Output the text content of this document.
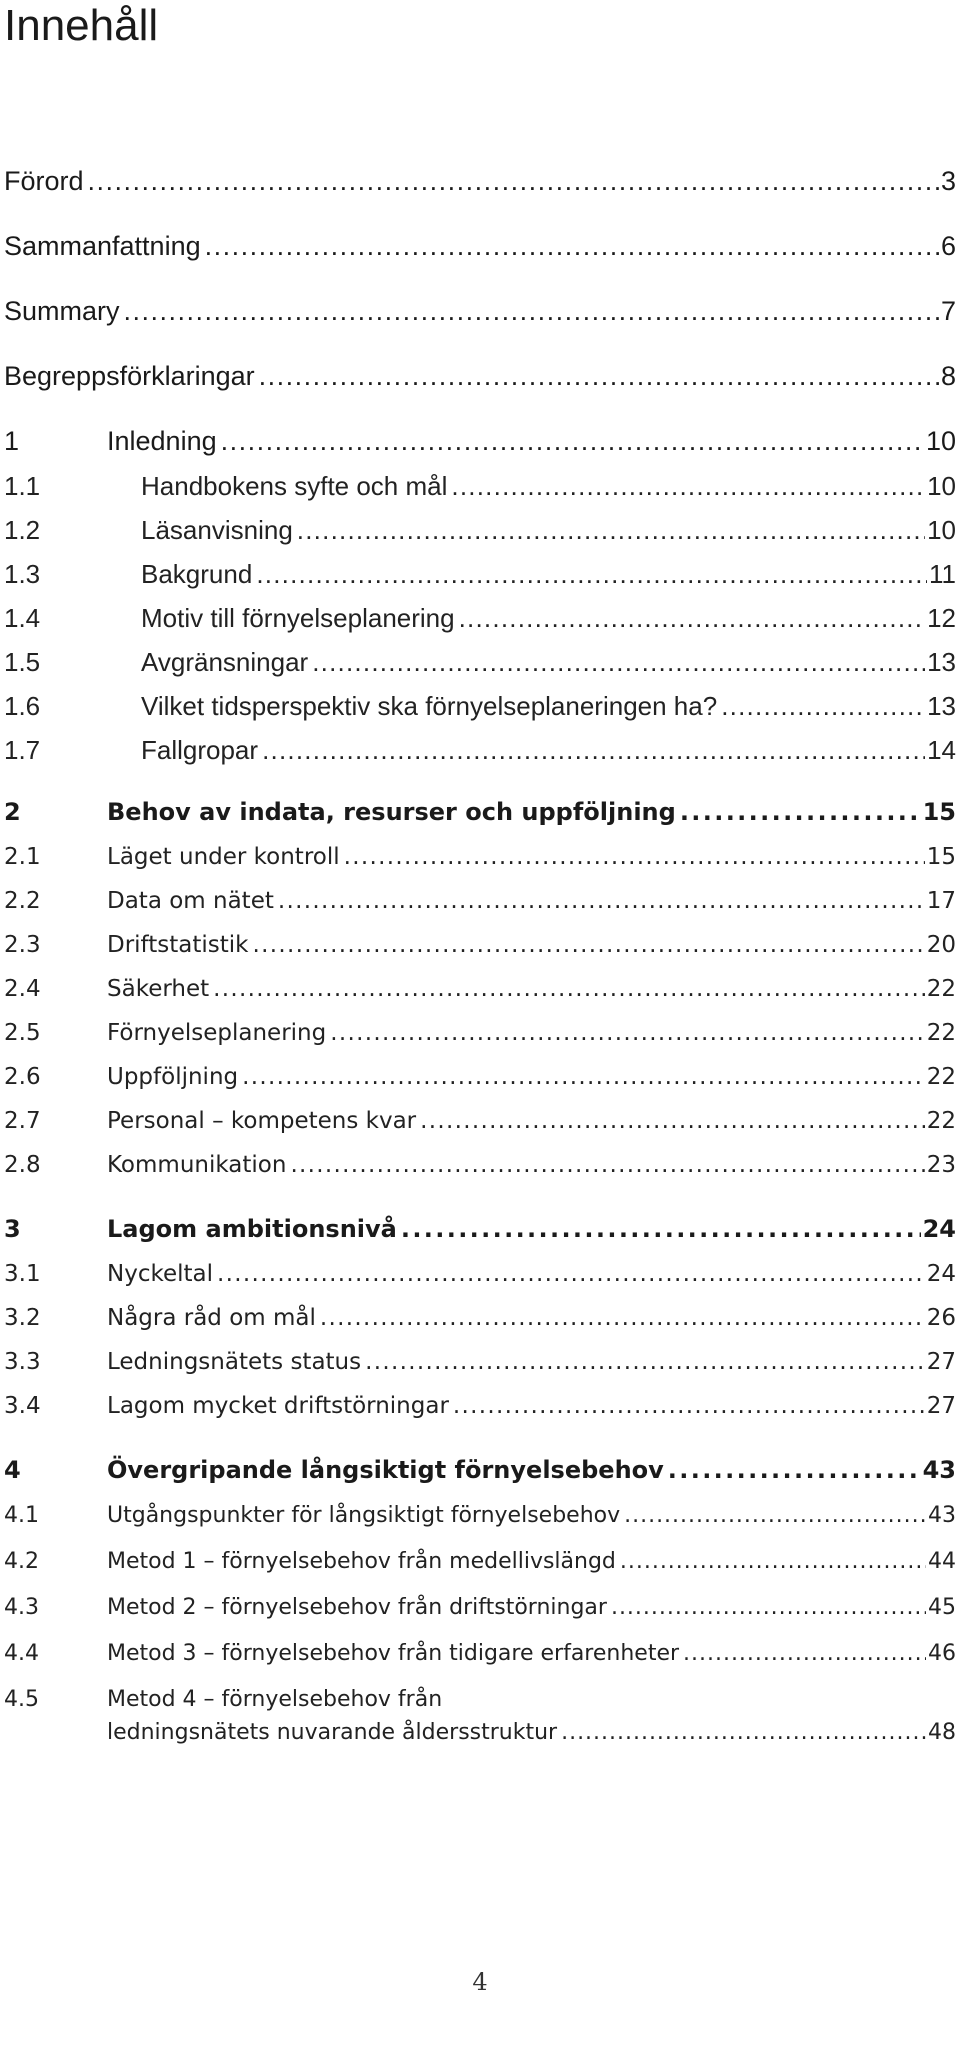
Innehåll
Förord . . .	3
Sammanfattning . . .	6
Summary . . .	7
Begreppsförklaringar . . .	8
1	Inledning . . .	10
1.1	Handbokens syfte och mål . . .	10
1.2	Läsanvisning . . .	10
1.3	Bakgrund . . .	11
1.4	Motiv till förnyelseplanering . . .	12
1.5	Avgränsningar . . .	13
1.6	Vilket tidsperspektiv ska förnyelseplaneringen ha? . . .	13
1.7	Fallgropar . . .	14
2	Behov av indata, resurser och uppföljning . . .	15
2.1	Läget under kontroll . . .	15
2.2	Data om nätet . . .	17
2.3	Driftstatistik . . .	20
2.4	Säkerhet . . .	22
2.5	Förnyelseplanering . . .	22
2.6	Uppföljning . . .	22
2.7	Personal – kompetens kvar . . .	22
2.8	Kommunikation . . .	23
3	Lagom ambitionsnivå . . .	24
3.1	Nyckeltal . . .	24
3.2	Några råd om mål . . .	26
3.3	Ledningsnätets status . . .	27
3.4	Lagom mycket driftstörningar . . .	27
4	Övergripande långsiktigt förnyelsebehov . . .	43
4.1	Utgångspunkter för långsiktigt förnyelsebehov . . .	43
4.2	Metod 1 – förnyelsebehov från medellivslängd . . .	44
4.3	Metod 2 – förnyelsebehov från driftstörningar . . .	45
4.4	Metod 3 – förnyelsebehov från tidigare erfarenheter . . .	46
4.5	Metod 4 – förnyelsebehov från
ledningsnätets nuvarande åldersstruktur . . .	48
4
